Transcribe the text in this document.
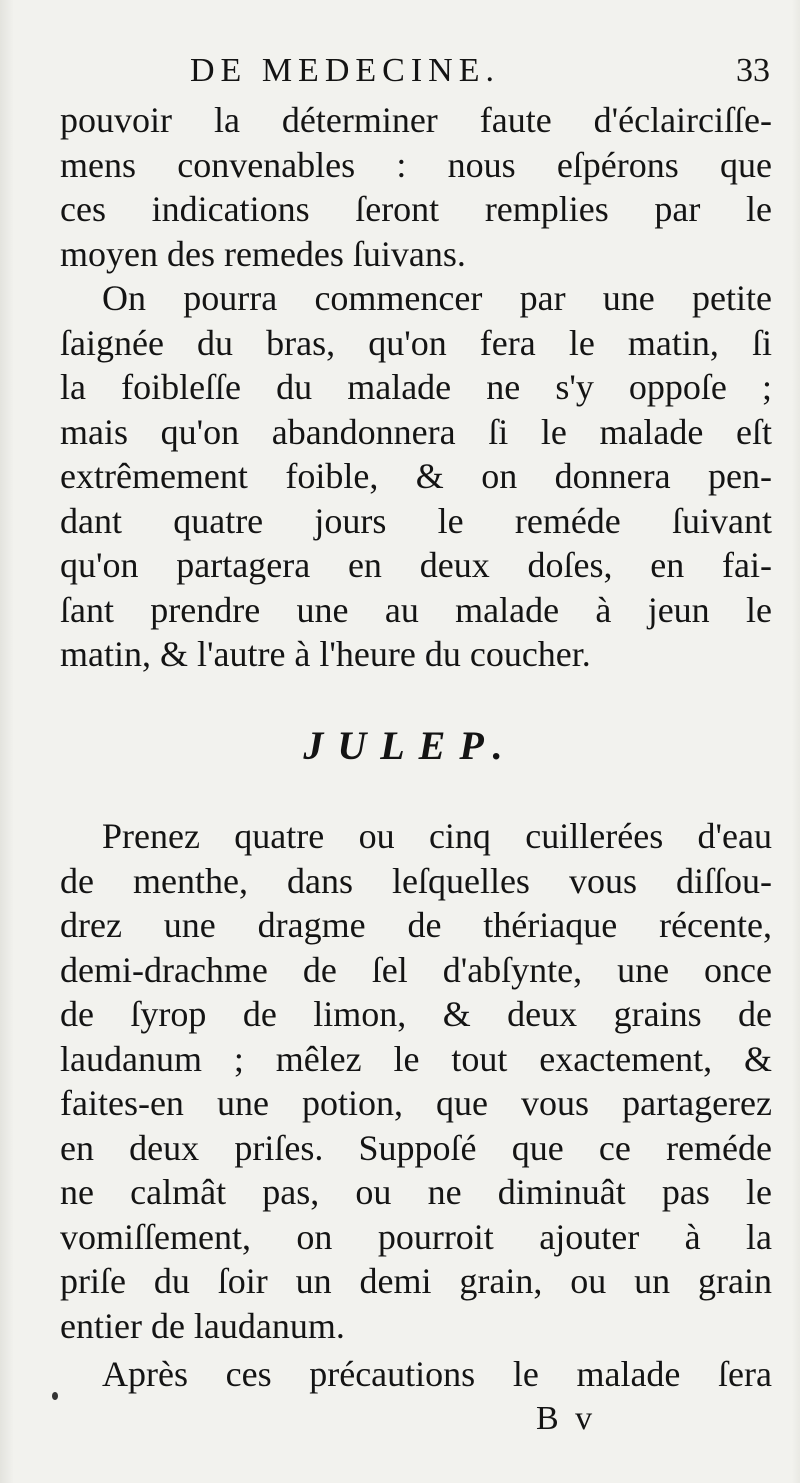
DE MEDECINE.	33
pouvoir la déterminer faute d'éclairciſſe-
mens convenables : nous eſpérons que
ces indications ſeront remplies par le
moyen des remedes ſuivans.
On pourra commencer par une petite
ſaignée du bras, qu'on fera le matin, ſi
la foibleſſe du malade ne s'y oppoſe ;
mais qu'on abandonnera ſi le malade eſt
extrêmement foible, & on donnera pen-
dant quatre jours le reméde ſuivant
qu'on partagera en deux doſes, en fai-
ſant prendre une au malade à jeun le
matin, & l'autre à l'heure du coucher.
JULEP.
Prenez quatre ou cinq cuillerées d'eau
de menthe, dans leſquelles vous diſſou-
drez une dragme de thériaque récente,
demi-drachme de ſel d'abſynte, une once
de ſyrop de limon, & deux grains de
laudanum ; mêlez le tout exactement, &
faites-en une potion, que vous partagerez
en deux priſes. Suppoſé que ce reméde
ne calmât pas, ou ne diminuât pas le
vomiſſement, on pourroit ajouter à la
priſe du ſoir un demi grain, ou un grain
entier de laudanum.
Après ces précautions le malade ſera
B v
